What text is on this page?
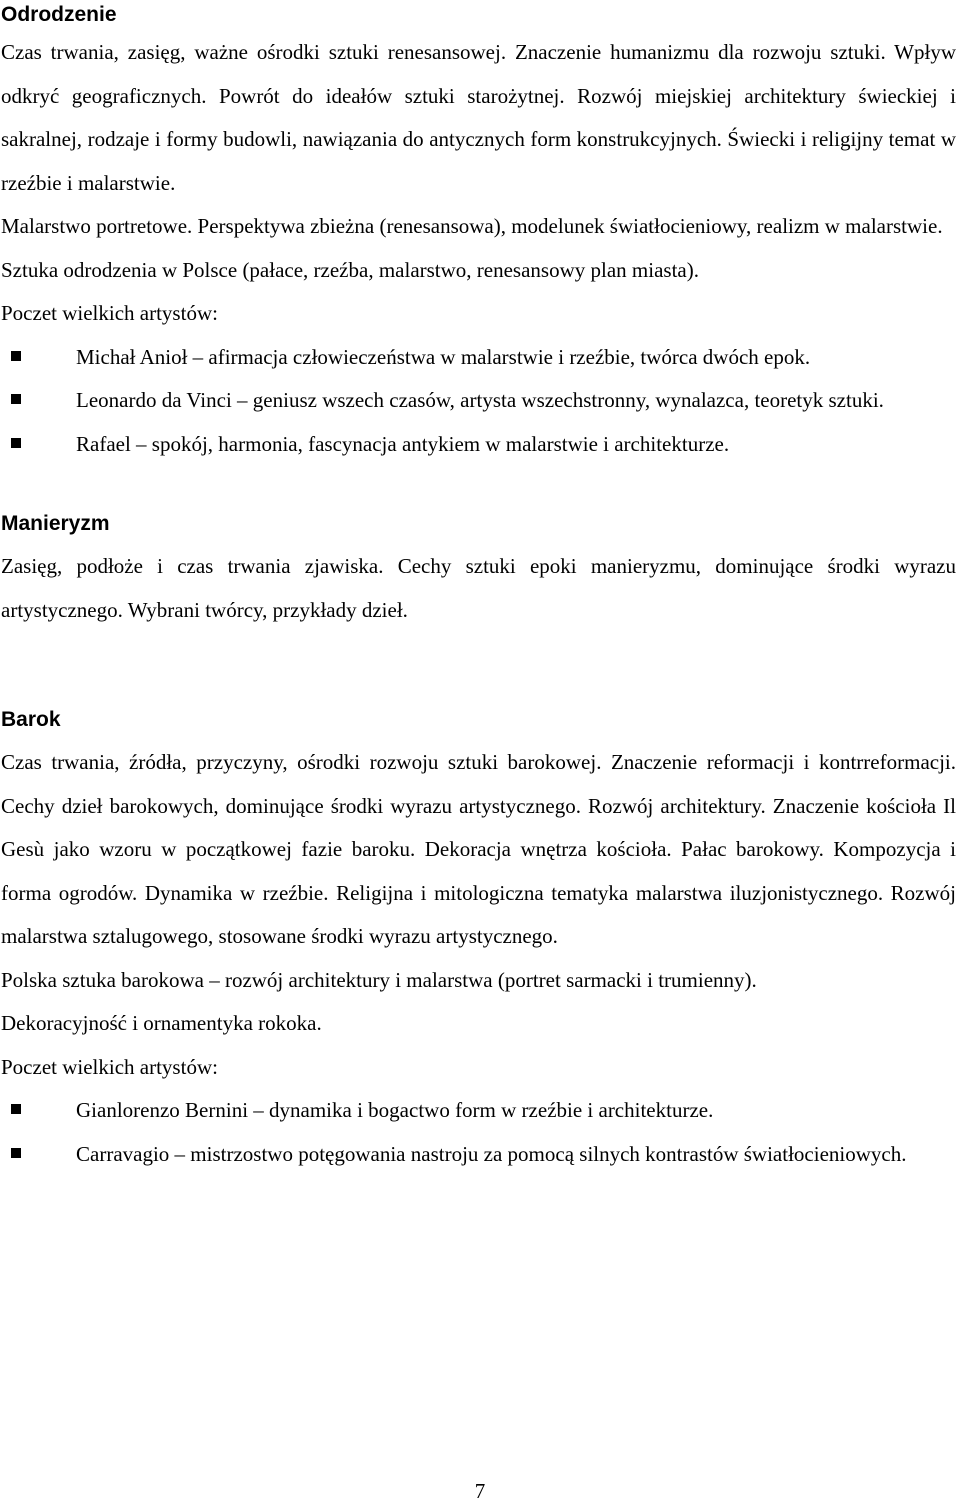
Odrodzenie

Czas trwania, zasięg, ważne ośrodki sztuki renesansowej. Znaczenie humanizmu dla rozwoju sztuki. Wpływ odkryć geograficznych. Powrót do ideałów sztuki starożytnej. Rozwój miejskiej architektury świeckiej i sakralnej, rodzaje i formy budowli, nawiązania do antycznych form konstrukcyjnych. Świecki i religijny temat w rzeźbie i malarstwie.

Malarstwo portretowe. Perspektywa zbieżna (renesansowa), modelunek światłocieniowy, realizm w malarstwie.

Sztuka odrodzenia w Polsce (pałace, rzeźba, malarstwo, renesansowy plan miasta).

Poczet wielkich artystów:

Michał Anioł – afirmacja człowieczeństwa w malarstwie i rzeźbie, twórca dwóch epok.
Leonardo da Vinci – geniusz wszech czasów, artysta wszechstronny, wynalazca, teoretyk sztuki.
Rafael – spokój, harmonia, fascynacja antykiem w malarstwie i architekturze.
Manieryzm

Zasięg, podłoże i czas trwania zjawiska. Cechy sztuki epoki manieryzmu, dominujące środki wyrazu artystycznego. Wybrani twórcy, przykłady dzieł.

Barok

Czas trwania, źródła, przyczyny, ośrodki rozwoju sztuki barokowej. Znaczenie reformacji i kontrreformacji. Cechy dzieł barokowych, dominujące środki wyrazu artystycznego. Rozwój architektury. Znaczenie kościoła Il Gesù jako wzoru w początkowej fazie baroku. Dekoracja wnętrza kościoła. Pałac barokowy. Kompozycja i forma ogrodów. Dynamika w rzeźbie. Religijna i mitologiczna tematyka malarstwa iluzjonistycznego. Rozwój malarstwa sztalugowego, stosowane środki wyrazu artystycznego.

Polska sztuka barokowa – rozwój architektury i malarstwa (portret sarmacki i trumienny).

Dekoracyjność i ornamentyka rokoka.

Poczet wielkich artystów:

Gianlorenzo Bernini – dynamika i bogactwo form w rzeźbie i architekturze.
Carravagio – mistrzostwo potęgowania nastroju za pomocą silnych kontrastów światłocieniowych.
7
